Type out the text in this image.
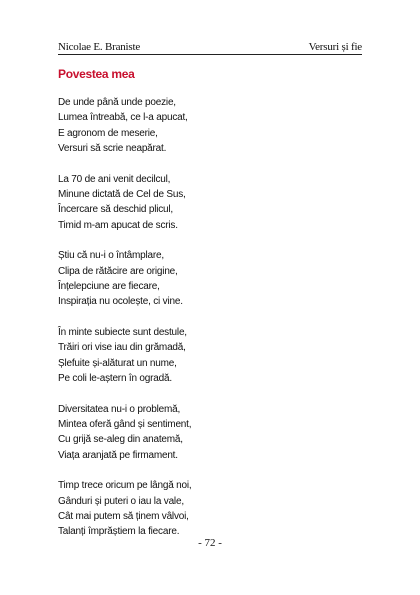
Nicolae E. Braniste	Versuri și fie
Povestea mea
De unde până unde poezie,
Lumea întreabă, ce l-a apucat,
E agronom de meserie,
Versuri să scrie neapărat.
La 70 de ani venit decilcul,
Minune dictată de Cel de Sus,
Încercare să deschid plicul,
Timid m-am apucat de scris.
Știu că nu-i o întâmplare,
Clipa de rătăcire are origine,
Înțelepciune are fiecare,
Inspirația nu ocolește, ci vine.
În minte subiecte sunt destule,
Trăiri ori vise iau din grămadă,
Șlefuite și-alăturat un nume,
Pe coli le-aștern în ogradă.
Diversitatea nu-i o problemă,
Mintea oferă gând și sentiment,
Cu grijă se-aleg din anatemă,
Viața aranjată pe firmament.
Timp trece oricum pe lângă noi,
Gânduri și puteri o iau la vale,
Cât mai putem să ținem vâlvoi,
Talanți împrăștiem la fiecare.
- 72 -
